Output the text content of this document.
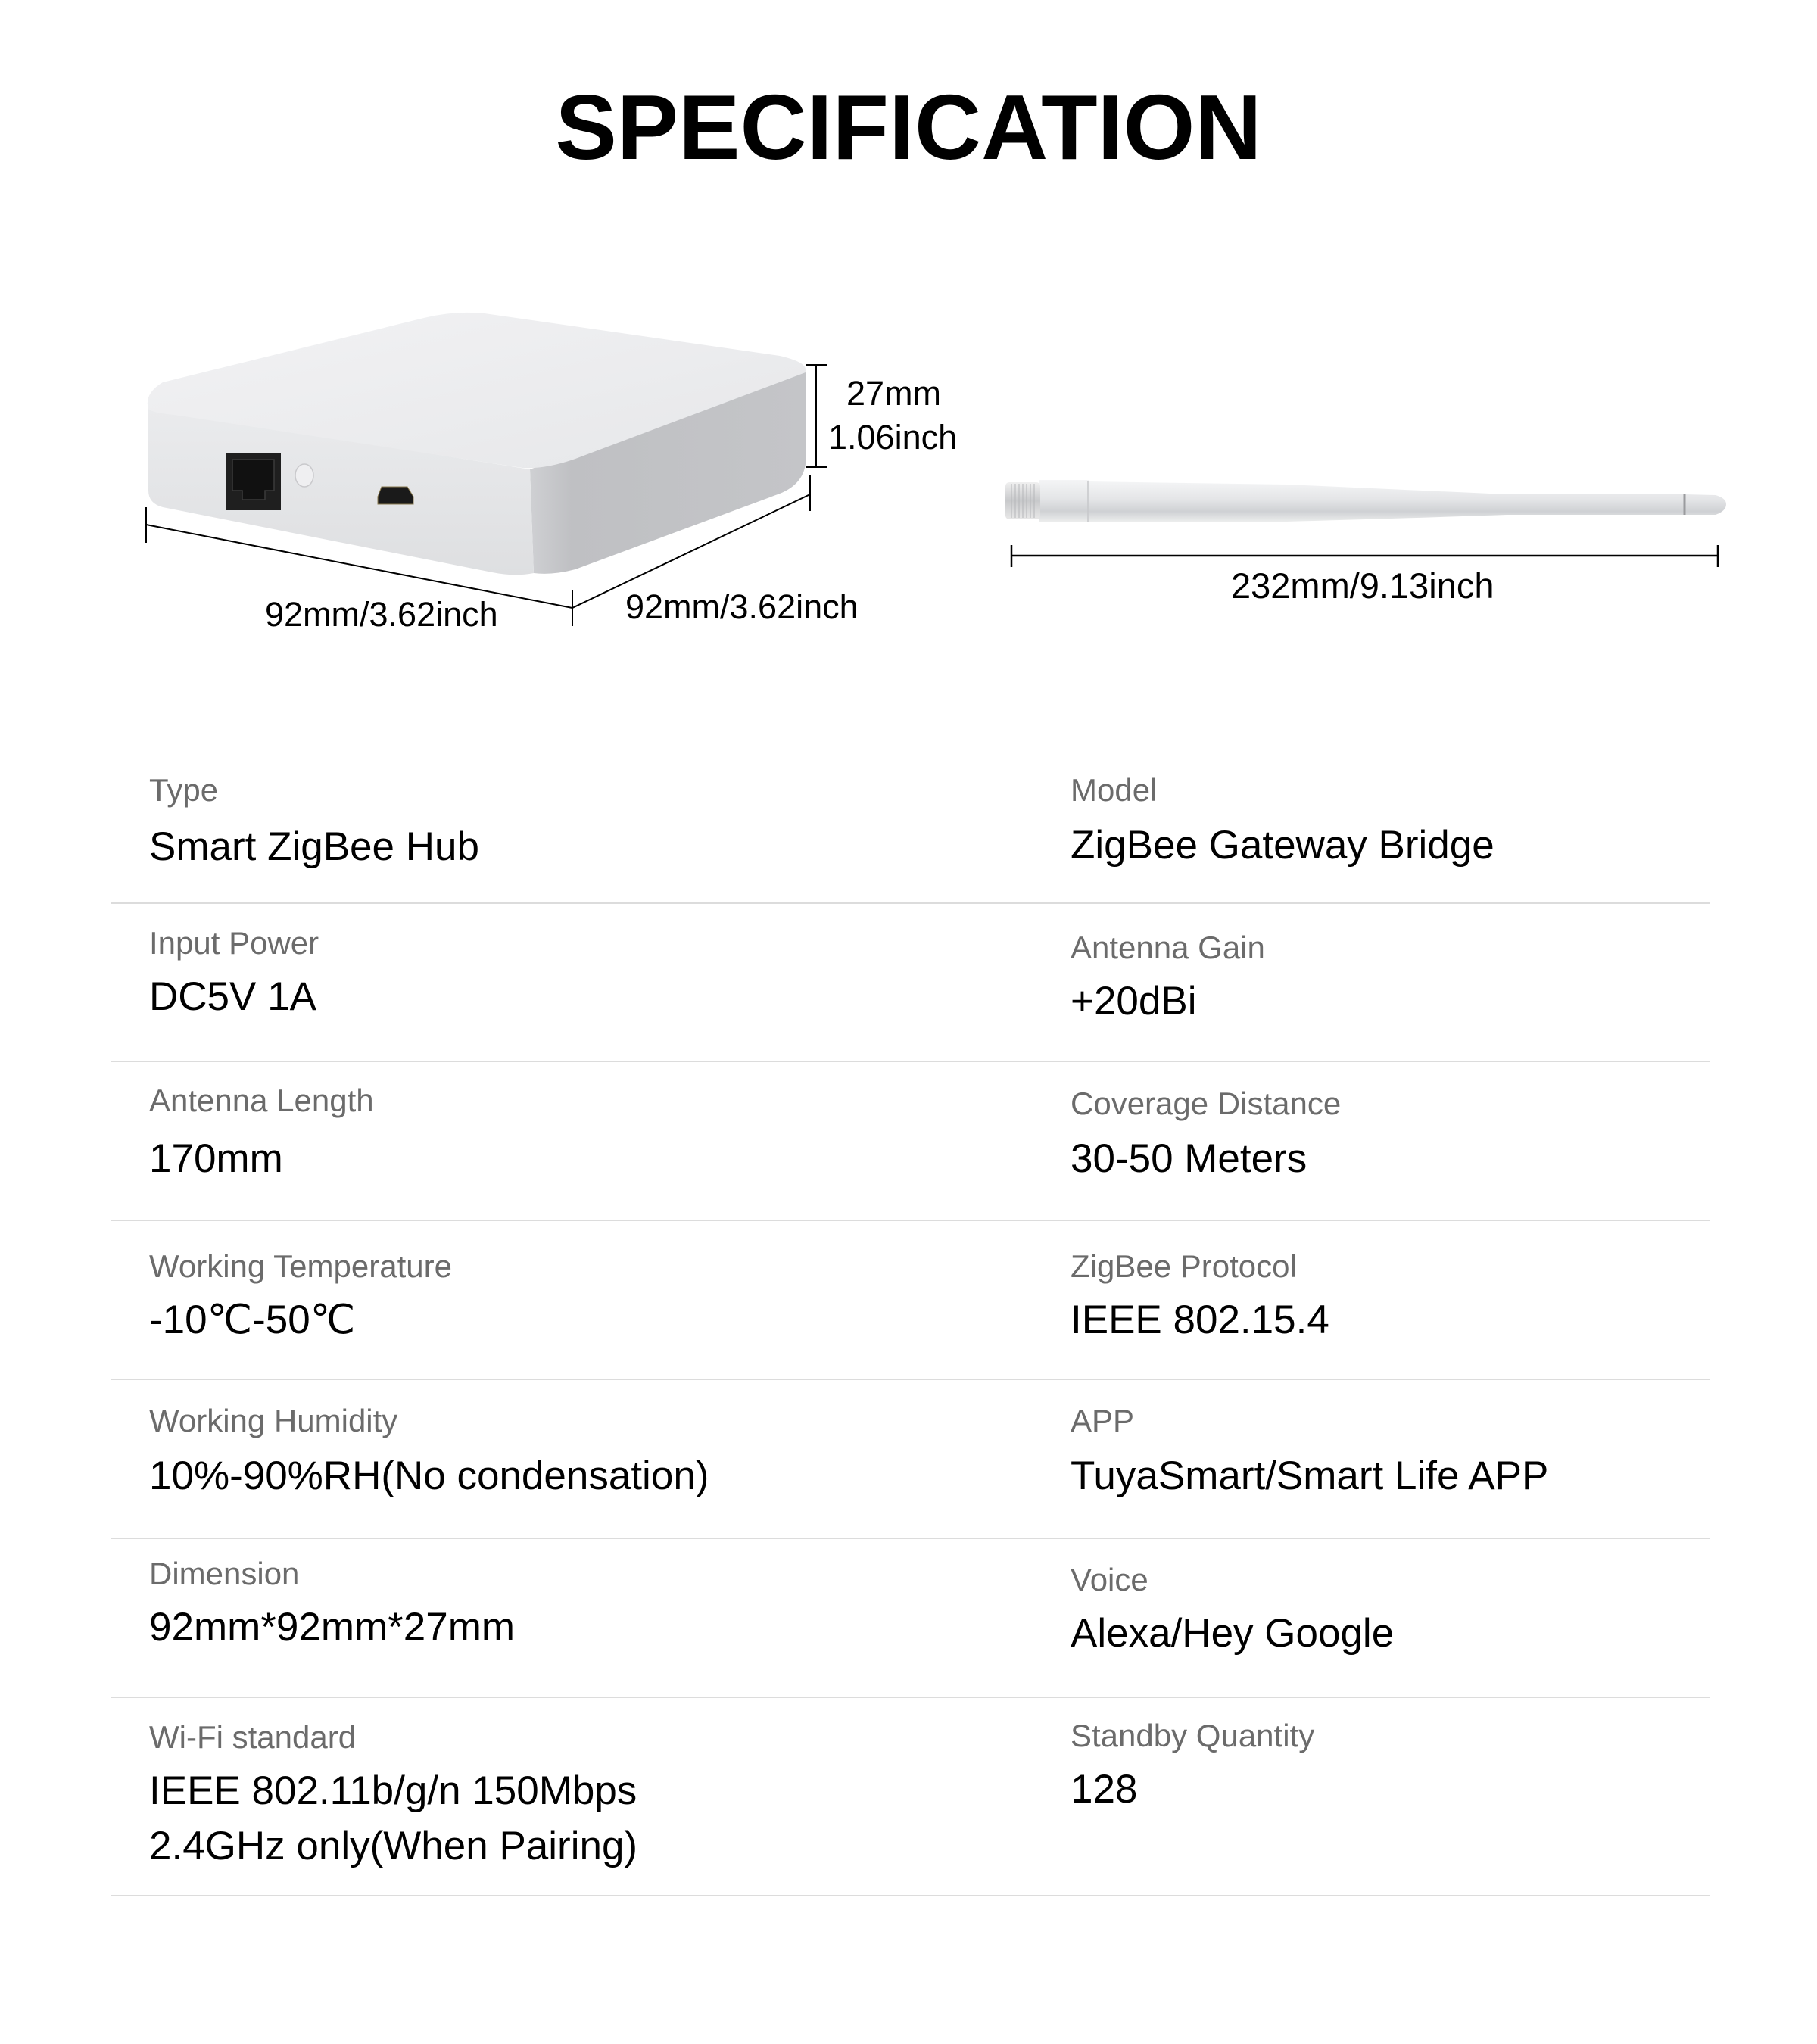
SPECIFICATION
27mm
1.06inch
92mm/3.62inch	92mm/3.62inch
232mm/9.13inch
Type
Smart ZigBee Hub
Model
ZigBee Gateway Bridge
Input Power
DC5V 1A
Antenna Gain
+20dBi
Antenna Length
170mm
Coverage Distance
30-50 Meters
Working Temperature
-10℃-50℃
ZigBee Protocol
IEEE 802.15.4
Working Humidity
10%-90%RH(No condensation)
APP
TuyaSmart/Smart Life APP
Dimension
92mm*92mm*27mm
Voice
Alexa/Hey Google
Wi-Fi standard
IEEE 802.11b/g/n 150Mbps
2.4GHz only(When Pairing)
Standby Quantity
128
